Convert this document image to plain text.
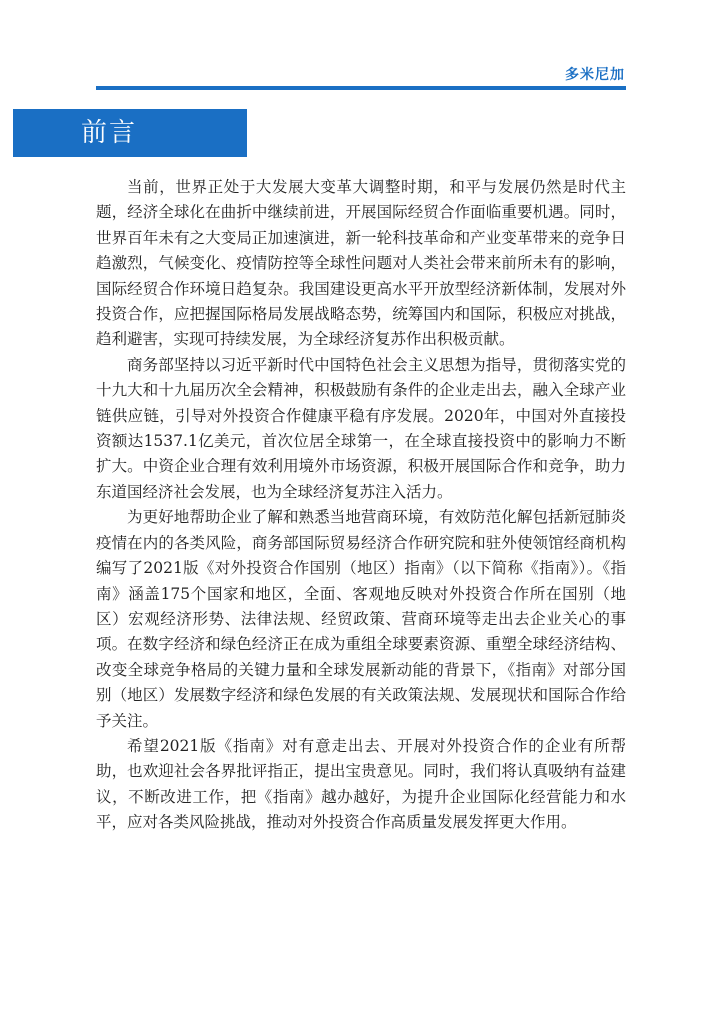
多米尼加
前言

当前，世界正处于大发展大变革大调整时期，和平与发展仍然是时代主题，经济全球化在曲折中继续前进，开展国际经贸合作面临重要机遇。同时，世界百年未有之大变局正加速演进，新一轮科技革命和产业变革带来的竞争日趋激烈，气候变化、疫情防控等全球性问题对人类社会带来前所未有的影响，国际经贸合作环境日趋复杂。我国建设更高水平开放型经济新体制，发展对外投资合作，应把握国际格局发展战略态势，统筹国内和国际，积极应对挑战，趋利避害，实现可持续发展，为全球经济复苏作出积极贡献。

商务部坚持以习近平新时代中国特色社会主义思想为指导，贯彻落实党的十九大和十九届历次全会精神，积极鼓励有条件的企业走出去，融入全球产业链供应链，引导对外投资合作健康平稳有序发展。2020年，中国对外直接投资额达1537.1亿美元，首次位居全球第一，在全球直接投资中的影响力不断扩大。中资企业合理有效利用境外市场资源，积极开展国际合作和竞争，助力东道国经济社会发展，也为全球经济复苏注入活力。

为更好地帮助企业了解和熟悉当地营商环境，有效防范化解包括新冠肺炎疫情在内的各类风险，商务部国际贸易经济合作研究院和驻外使领馆经商机构编写了2021版《对外投资合作国别（地区）指南》（以下简称《指南》）。《指南》涵盖175个国家和地区，全面、客观地反映对外投资合作所在国别（地区）宏观经济形势、法律法规、经贸政策、营商环境等走出去企业关心的事项。在数字经济和绿色经济正在成为重组全球要素资源、重塑全球经济结构、改变全球竞争格局的关键力量和全球发展新动能的背景下，《指南》对部分国别（地区）发展数字经济和绿色发展的有关政策法规、发展现状和国际合作给予关注。

希望2021版《指南》对有意走出去、开展对外投资合作的企业有所帮助，也欢迎社会各界批评指正，提出宝贵意见。同时，我们将认真吸纳有益建议，不断改进工作，把《指南》越办越好，为提升企业国际化经营能力和水平，应对各类风险挑战，推动对外投资合作高质量发展发挥更大作用。
